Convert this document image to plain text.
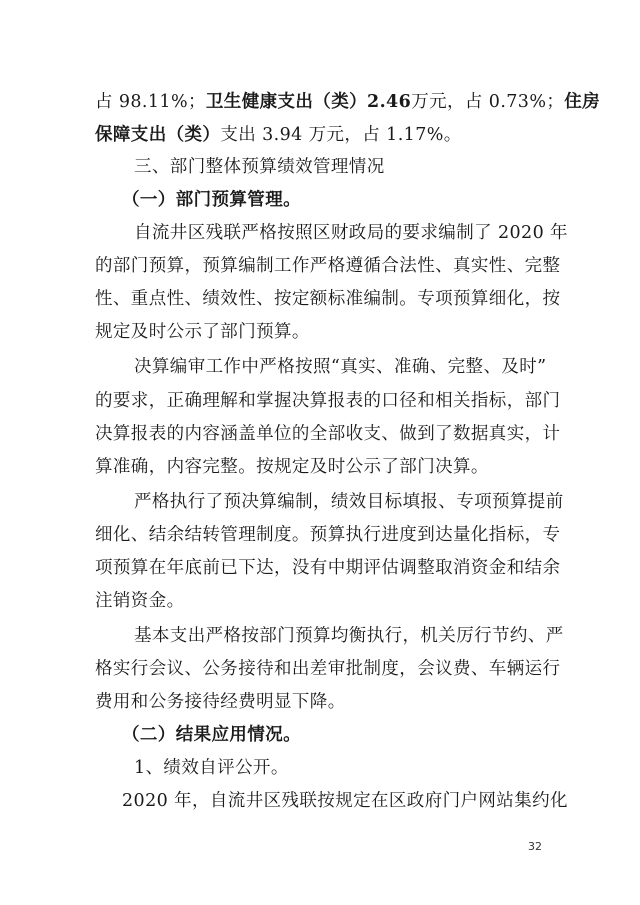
占 98.11%；卫生健康支出（类）2.46万元，占 0.73%；住房
保障支出（类）支出 3.94 万元，占 1.17%。
三、部门整体预算绩效管理情况
（一）部门预算管理。
自流井区残联严格按照区财政局的要求编制了 2020 年
的部门预算，预算编制工作严格遵循合法性、真实性、完整
性、重点性、绩效性、按定额标准编制。专项预算细化，按
规定及时公示了部门预算。
决算编审工作中严格按照“真实、准确、完整、及时”
的要求，正确理解和掌握决算报表的口径和相关指标，部门
决算报表的内容涵盖单位的全部收支、做到了数据真实，计
算准确，内容完整。按规定及时公示了部门决算。
严格执行了预决算编制，绩效目标填报、专项预算提前
细化、结余结转管理制度。预算执行进度到达量化指标，专
项预算在年底前已下达，没有中期评估调整取消资金和结余
注销资金。
基本支出严格按部门预算均衡执行，机关厉行节约、严
格实行会议、公务接待和出差审批制度，会议费、车辆运行
费用和公务接待经费明显下降。
（二）结果应用情况。
1、绩效自评公开。
2020 年，自流井区残联按规定在区政府门户网站集约化
32
